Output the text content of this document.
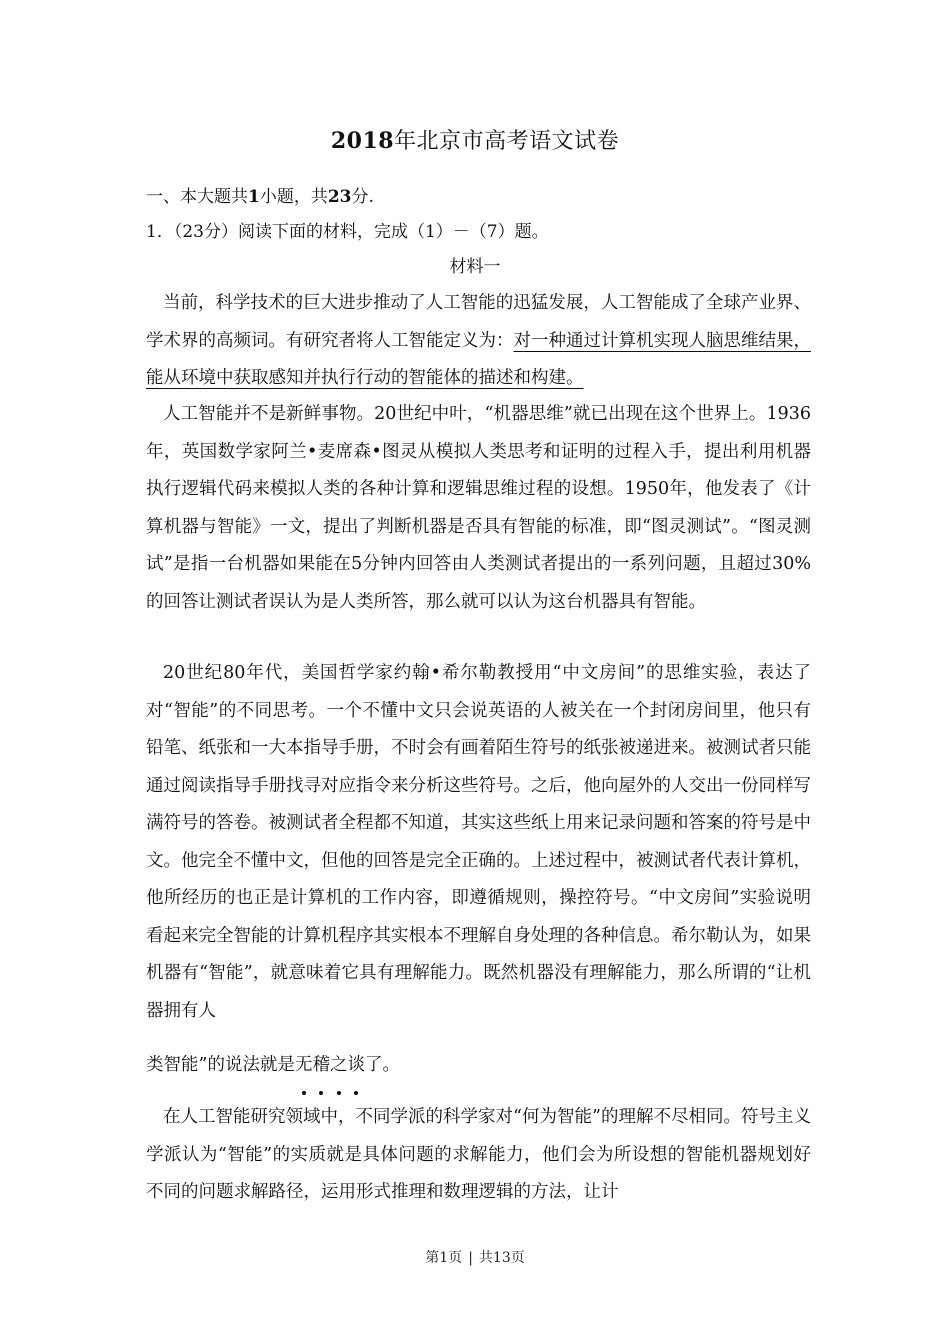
2018年北京市高考语文试卷
一、本大题共1小题，共23分.
1．（23分）阅读下面的材料，完成（1）－（7）题。
材料一
当前，科学技术的巨大进步推动了人工智能的迅猛发展，人工智能成了全球产业界、学术界的高频词。有研究者将人工智能定义为：对一种通过计算机实现人脑思维结果，能从环境中获取感知并执行行动的智能体的描述和构建。
人工智能并不是新鲜事物。20世纪中叶，“机器思维”就已出现在这个世界上。1936年，英国数学家阿兰•麦席森•图灵从模拟人类思考和证明的过程入手，提出利用机器执行逻辑代码来模拟人类的各种计算和逻辑思维过程的设想。1950年，他发表了《计算机器与智能》一文，提出了判断机器是否具有智能的标准，即“图灵测试”。“图灵测试”是指一台机器如果能在5分钟内回答由人类测试者提出的一系列问题，且超过30%的回答让测试者误认为是人类所答，那么就可以认为这台机器具有智能。
20世纪80年代，美国哲学家约翰•希尔勒教授用“中文房间”的思维实验，表达了对“智能”的不同思考。一个不懂中文只会说英语的人被关在一个封闭房间里，他只有铅笔、纸张和一大本指导手册，不时会有画着陌生符号的纸张被递进来。被测试者只能通过阅读指导手册找寻对应指令来分析这些符号。之后，他向屋外的人交出一份同样写满符号的答卷。被测试者全程都不知道，其实这些纸上用来记录问题和答案的符号是中文。他完全不懂中文，但他的回答是完全正确的。上述过程中，被测试者代表计算机，他所经历的也正是计算机的工作内容，即遵循规则，操控符号。“中文房间”实验说明看起来完全智能的计算机程序其实根本不理解自身处理的各种信息。希尔勒认为，如果机器有“智能”，就意味着它具有理解能力。既然机器没有理解能力，那么所谓的“让机器拥有人
类智能”的说法就是无稽之谈了。
在人工智能研究领域中，不同学派的科学家对“何为智能”的理解不尽相同。符号主义学派认为“智能”的实质就是具体问题的求解能力，他们会为所设想的智能机器规划好不同的问题求解路径，运用形式推理和数理逻辑的方法，让计
第1页 | 共13页
